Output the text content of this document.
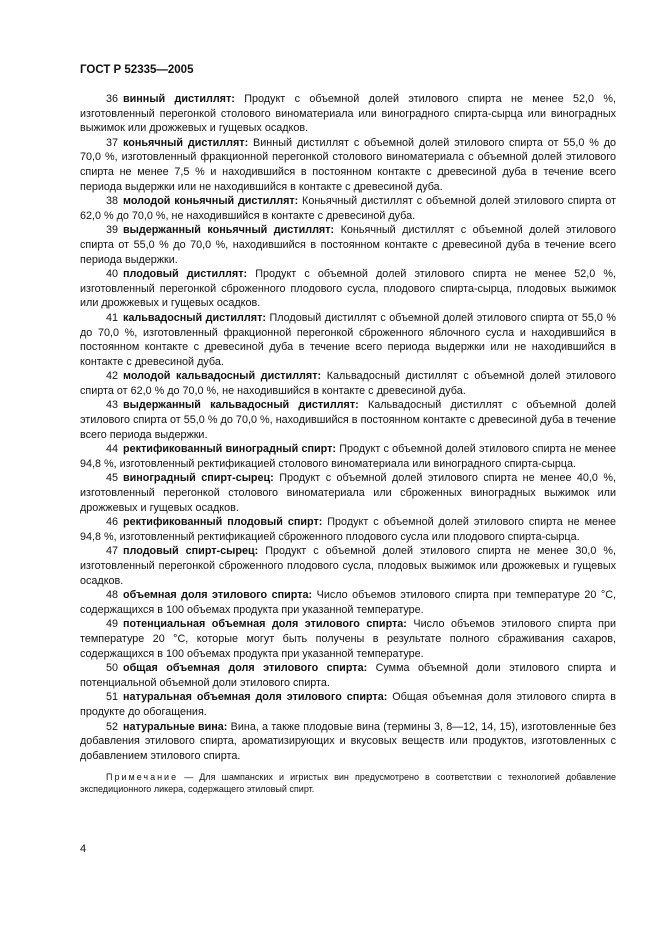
ГОСТ Р 52335—2005

36 винный дистиллят: Продукт с объемной долей этилового спирта не менее 52,0 %, изготовленный перегонкой столового виноматериала или виноградного спирта-сырца или виноградных выжимок или дрожжевых и гущевых осадков.

37 коньячный дистиллят: Винный дистиллят с объемной долей этилового спирта от 55,0 % до 70,0 %, изготовленный фракционной перегонкой столового виноматериала с объемной долей этилового спирта не менее 7,5 % и находившийся в постоянном контакте с древесиной дуба в течение всего периода выдержки или не находившийся в контакте с древесиной дуба.

38 молодой коньячный дистиллят: Коньячный дистиллят с объемной долей этилового спирта от 62,0 % до 70,0 %, не находившийся в контакте с древесиной дуба.

39 выдержанный коньячный дистиллят: Коньячный дистиллят с объемной долей этилового спирта от 55,0 % до 70,0 %, находившийся в постоянном контакте с древесиной дуба в течение всего периода выдержки.

40 плодовый дистиллят: Продукт с объемной долей этилового спирта не менее 52,0 %, изготовленный перегонкой сброженного плодового сусла, плодового спирта-сырца, плодовых выжимок или дрожжевых и гущевых осадков.

41 кальвадосный дистиллят: Плодовый дистиллят с объемной долей этилового спирта от 55,0 % до 70,0 %, изготовленный фракционной перегонкой сброженного яблочного сусла и находившийся в постоянном контакте с древесиной дуба в течение всего периода выдержки или не находившийся в контакте с древесиной дуба.

42 молодой кальвадосный дистиллят: Кальвадосный дистиллят с объемной долей этилового спирта от 62,0 % до 70,0 %, не находившийся в контакте с древесиной дуба.

43 выдержанный кальвадосный дистиллят: Кальвадосный дистиллят с объемной долей этилового спирта от 55,0 % до 70,0 %, находившийся в постоянном контакте с древесиной дуба в течение всего периода выдержки.

44 ректификованный виноградный спирт: Продукт с объемной долей этилового спирта не менее 94,8 %, изготовленный ректификацией столового виноматериала или виноградного спирта-сырца.

45 виноградный спирт-сырец: Продукт с объемной долей этилового спирта не менее 40,0 %, изготовленный перегонкой столового виноматериала или сброженных виноградных выжимок или дрожжевых и гущевых осадков.

46 ректификованный плодовый спирт: Продукт с объемной долей этилового спирта не менее 94,8 %, изготовленный ректификацией сброженного плодового сусла или плодового спирта-сырца.

47 плодовый спирт-сырец: Продукт с объемной долей этилового спирта не менее 30,0 %, изготовленный перегонкой сброженного плодового сусла, плодовых выжимок или дрожжевых и гущевых осадков.

48 объемная доля этилового спирта: Число объемов этилового спирта при температуре 20 °С, содержащихся в 100 объемах продукта при указанной температуре.

49 потенциальная объемная доля этилового спирта: Число объемов этилового спирта при температуре 20 °С, которые могут быть получены в результате полного сбраживания сахаров, содержащихся в 100 объемах продукта при указанной температуре.

50 общая объемная доля этилового спирта: Сумма объемной доли этилового спирта и потенциальной объемной доли этилового спирта.

51 натуральная объемная доля этилового спирта: Общая объемная доля этилового спирта в продукте до обогащения.

52 натуральные вина: Вина, а также плодовые вина (термины 3, 8—12, 14, 15), изготовленные без добавления этилового спирта, ароматизирующих и вкусовых веществ или продуктов, изготовленных с добавлением этилового спирта.

Примечание — Для шампанских и игристых вин предусмотрено в соответствии с технологией добавление экспедиционного ликера, содержащего этиловый спирт.

4
